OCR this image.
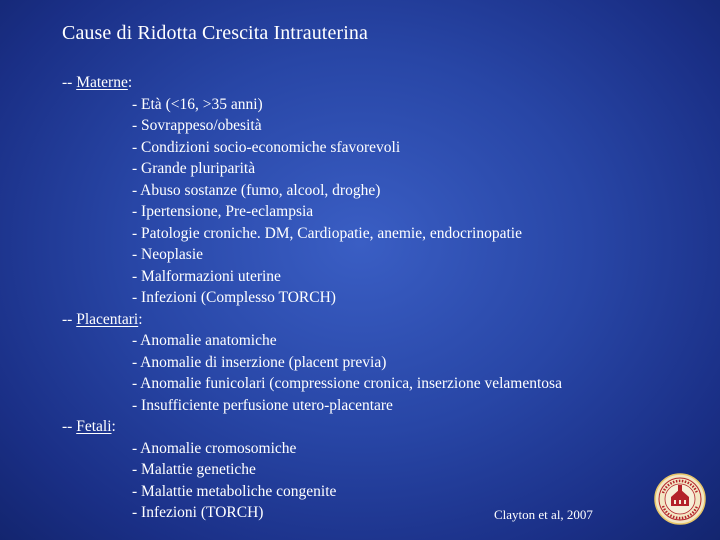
Cause di Ridotta Crescita Intrauterina
-- Materne:
- Età (<16, >35 anni)
- Sovrappeso/obesità
- Condizioni socio-economiche sfavorevoli
- Grande pluriparità
- Abuso sostanze (fumo, alcool, droghe)
- Ipertensione, Pre-eclampsia
- Patologie croniche. DM, Cardiopatie, anemie, endocrinopatie
- Neoplasie
- Malformazioni uterine
- Infezioni (Complesso TORCH)
-- Placentari:
- Anomalie anatomiche
- Anomalie di inserzione (placent previa)
- Anomalie funicolari (compressione cronica, inserzione velamentosa
- Insufficiente perfusione utero-placentare
-- Fetali:
- Anomalie cromosomiche
- Malattie genetiche
- Malattie metaboliche congenite
- Infezioni (TORCH)	Clayton et al, 2007
